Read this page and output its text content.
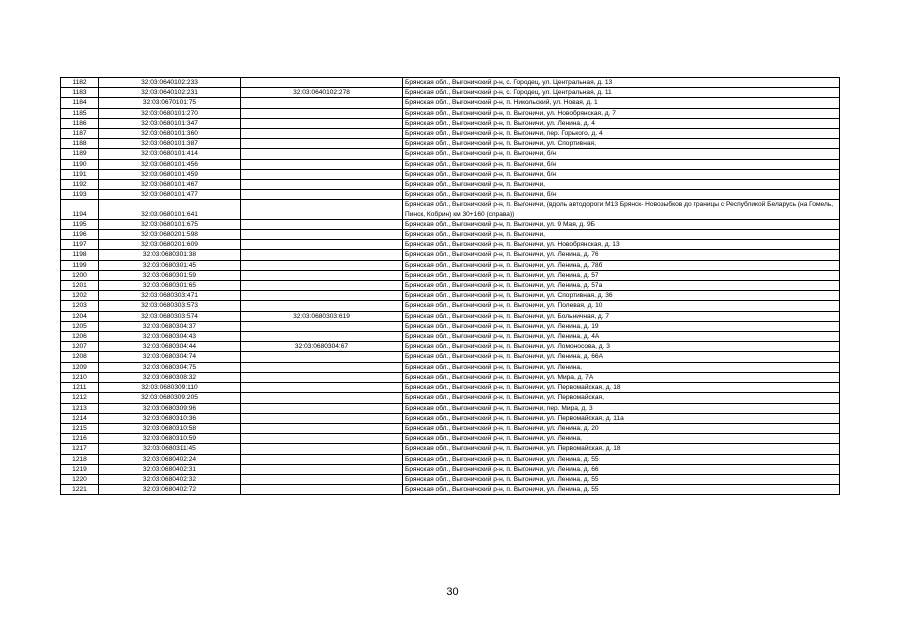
1182	32:03:0640102:233		Брянская обл., Выгоничский р-н, с. Городец, ул. Центральная, д. 13
1183	32:03:0640102:231	32:03:0640102:278	Брянская обл., Выгоничский р-н, с. Городец, ул. Центральная, д. 11
1184	32:03:0670101:75		Брянская обл., Выгоничский р-н, п. Никольский, ул. Новая, д. 1
1185	32:03:0680101:270		Брянская обл., Выгоничский р-н, п. Выгоничи, ул. Новобрянская, д. 7
1186	32:03:0680101:347		Брянская обл., Выгоничский р-н, п. Выгоничи, ул. Ленина, д. 4
1187	32:03:0680101:360		Брянская обл., Выгоничский р-н, п. Выгоничи, пер. Горького, д. 4
1188	32:03:0680101:387		Брянская обл., Выгоничский р-н, п. Выгоничи, ул. Спортивная,
1189	32:03:0680101:414		Брянская обл., Выгоничский р-н, п. Выгоничи, б/н
1190	32:03:0680101:456		Брянская обл., Выгоничский р-н, п. Выгоничи, б/н
1191	32:03:0680101:459		Брянская обл., Выгоничский р-н, п. Выгоничи, б/н
1192	32:03:0680101:467		Брянская обл., Выгоничский р-н, п. Выгоничи,
1193	32:03:0680101:477		Брянская обл., Выгоничский р-н, п. Выгоничи, б/н
1194	32:03:0680101:641		Брянская обл., Выгоничский р-н, п. Выгоничи, (вдоль автодороги М13 Брянск- Новозыбков до границы с Республикой Беларусь (на Гомель, Пинск, Кобрин) км 30+160 (справа))
1195	32:03:0680101:675		Брянская обл., Выгоничский р-н, п. Выгоничи, ул. 9 Мая, д. 9Б
1196	32:03:0680201:598		Брянская обл., Выгоничский р-н, п. Выгоничи,
1197	32:03:0680201:609		Брянская обл., Выгоничский р-н, п. Выгоничи, ул. Новобрянская, д. 13
1198	32:03:0680301:38		Брянская обл., Выгоничский р-н, п. Выгоничи, ул. Ленина, д. 76
1199	32:03:0680301:45		Брянская обл., Выгоничский р-н, п. Выгоничи, ул. Ленина, д. 78б
1200	32:03:0680301:59		Брянская обл., Выгоничский р-н, п. Выгоничи, ул. Ленина, д. 57
1201	32:03:0680301:65		Брянская обл., Выгоничский р-н, п. Выгоничи, ул. Ленина, д. 57а
1202	32:03:0680303:471		Брянская обл., Выгоничский р-н, п. Выгоничи, ул. Спортивная, д. 36
1203	32:03:0680303:573		Брянская обл., Выгоничский р-н, п. Выгоничи, ул. Полевая, д. 10
1204	32:03:0680303:574	32:03:0680303:619	Брянская обл., Выгоничский р-н, п. Выгоничи, ул. Больничная, д. 7
1205	32:03:0680304:37		Брянская обл., Выгоничский р-н, п. Выгоничи, ул. Ленина, д. 19
1206	32:03:0680304:43		Брянская обл., Выгоничский р-н, п. Выгоничи, ул. Ленина, д. 4А
1207	32:03:0680304:44	32:03:0680304:67	Брянская обл., Выгоничский р-н, п. Выгоничи, ул. Ломоносова, д. 3
1208	32:03:0680304:74		Брянская обл., Выгоничский р-н, п. Выгоничи, ул. Ленина, д. 66А
1209	32:03:0680304:75		Брянская обл., Выгоничский р-н, п. Выгоничи, ул. Ленина,
1210	32:03:0680308:32		Брянская обл., Выгоничский р-н, п. Выгоничи, ул. Мира, д. 7А
1211	32:03:0680309:110		Брянская обл., Выгоничский р-н, п. Выгоничи, ул. Первомайская, д. 18
1212	32:03:0680309:205		Брянская обл., Выгоничский р-н, п. Выгоничи, ул. Первомайская,
1213	32:03:0680309:96		Брянская обл., Выгоничский р-н, п. Выгоничи, пер. Мира, д. 3
1214	32:03:0680310:36		Брянская обл., Выгоничский р-н, п. Выгоничи, ул. Первомайская, д. 11а
1215	32:03:0680310:58		Брянская обл., Выгоничский р-н, п. Выгоничи, ул. Ленина, д. 20
1216	32:03:0680310:59		Брянская обл., Выгоничский р-н, п. Выгоничи, ул. Ленина,
1217	32:03:0680311:45		Брянская обл., Выгоничский р-н, п. Выгоничи, ул. Первомайская, д. 18
1218	32:03:0680402:24		Брянская обл., Выгоничский р-н, п. Выгоничи, ул. Ленина, д. 55
1219	32:03:0680402:31		Брянская обл., Выгоничский р-н, п. Выгоничи, ул. Ленина, д. 66
1220	32:03:0680402:32		Брянская обл., Выгоничский р-н, п. Выгоничи, ул. Ленина, д. 55
1221	32:03:0680402:72		Брянская обл., Выгоничский р-н, п. Выгоничи, ул. Ленина, д. 55
30
